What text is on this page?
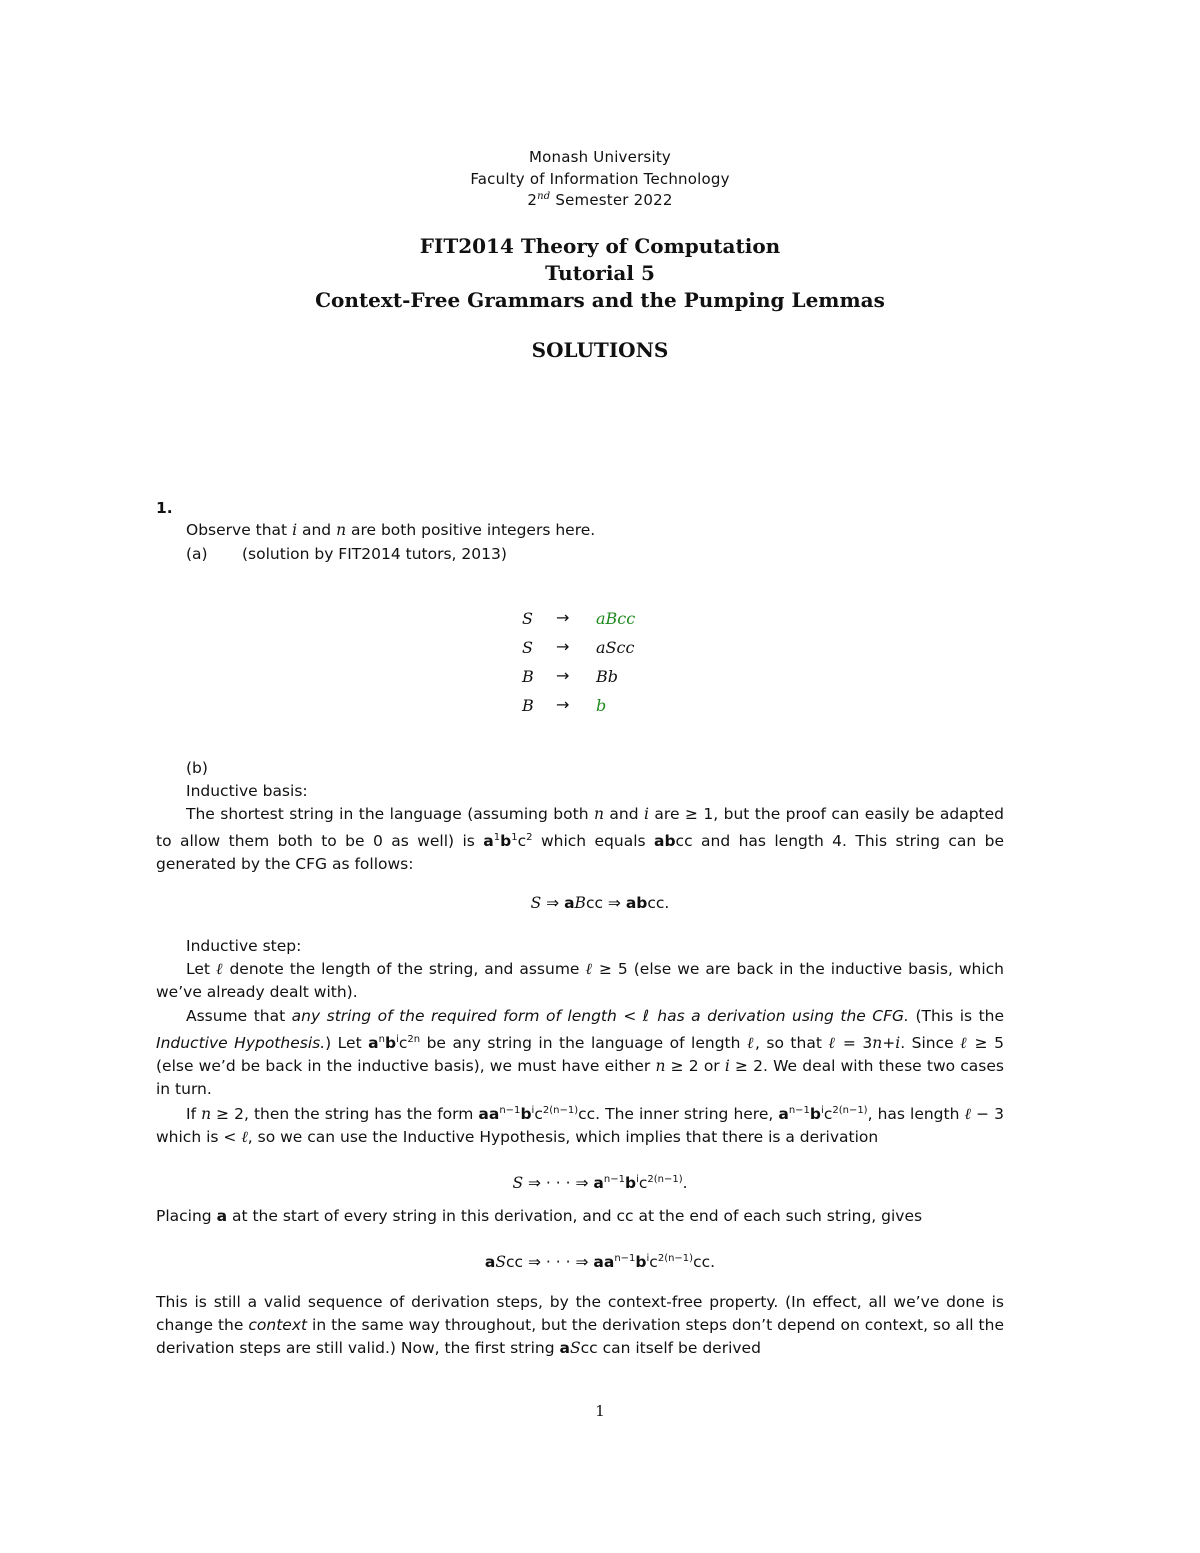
Monash University
Faculty of Information Technology
2nd Semester 2022
FIT2014 Theory of Computation
Tutorial 5
Context-Free Grammars and the Pumping Lemmas
SOLUTIONS
1.
Observe that i and n are both positive integers here.
(a) (solution by FIT2014 tutors, 2013)
S	→ aBcc
S	→ aScc
B	→ Bb
B	→ b
(b)
Inductive basis:
The shortest string in the language (assuming both n and i are ≥ 1, but the proof can easily be adapted to allow them both to be 0 as well) is $a^1b^1c^2$ which equals abcc and has length 4. This string can be generated by the CFG as follows:
S ⇒ aBcc ⇒ abcc.
Inductive step:
Let ℓ denote the length of the string, and assume ℓ ≥ 5 (else we are back in the inductive basis, which we’ve already dealt with).
Assume that any string of the required form of length < ℓ has a derivation using the CFG. (This is the Inductive Hypothesis.) Let $a^nb^ic^{2n}$ be any string in the language of length ℓ, so that ℓ = 3n+i. Since ℓ ≥ 5 (else we’d be back in the inductive basis), we must have either n ≥ 2 or i ≥ 2. We deal with these two cases in turn.
If n ≥ 2, then the string has the form $aa^{n-1}b^ic^{2(n-1)}cc$. The inner string here, $a^{n-1}b^ic^{2(n-1)}$, has length ℓ − 3 which is < ℓ, so we can use the Inductive Hypothesis, which implies that there is a derivation
S ⇒ · · · ⇒ $a^{n-1}b^ic^{2(n-1)}$.
Placing a at the start of every string in this derivation, and cc at the end of each such string, gives
aScc ⇒ · · · ⇒ $aa^{n-1}b^ic^{2(n-1)}cc$.
This is still a valid sequence of derivation steps, by the context-free property. (In effect, all we’ve done is change the context in the same way throughout, but the derivation steps don’t depend on context, so all the derivation steps are still valid.) Now, the first string aScc can itself be derived
1
